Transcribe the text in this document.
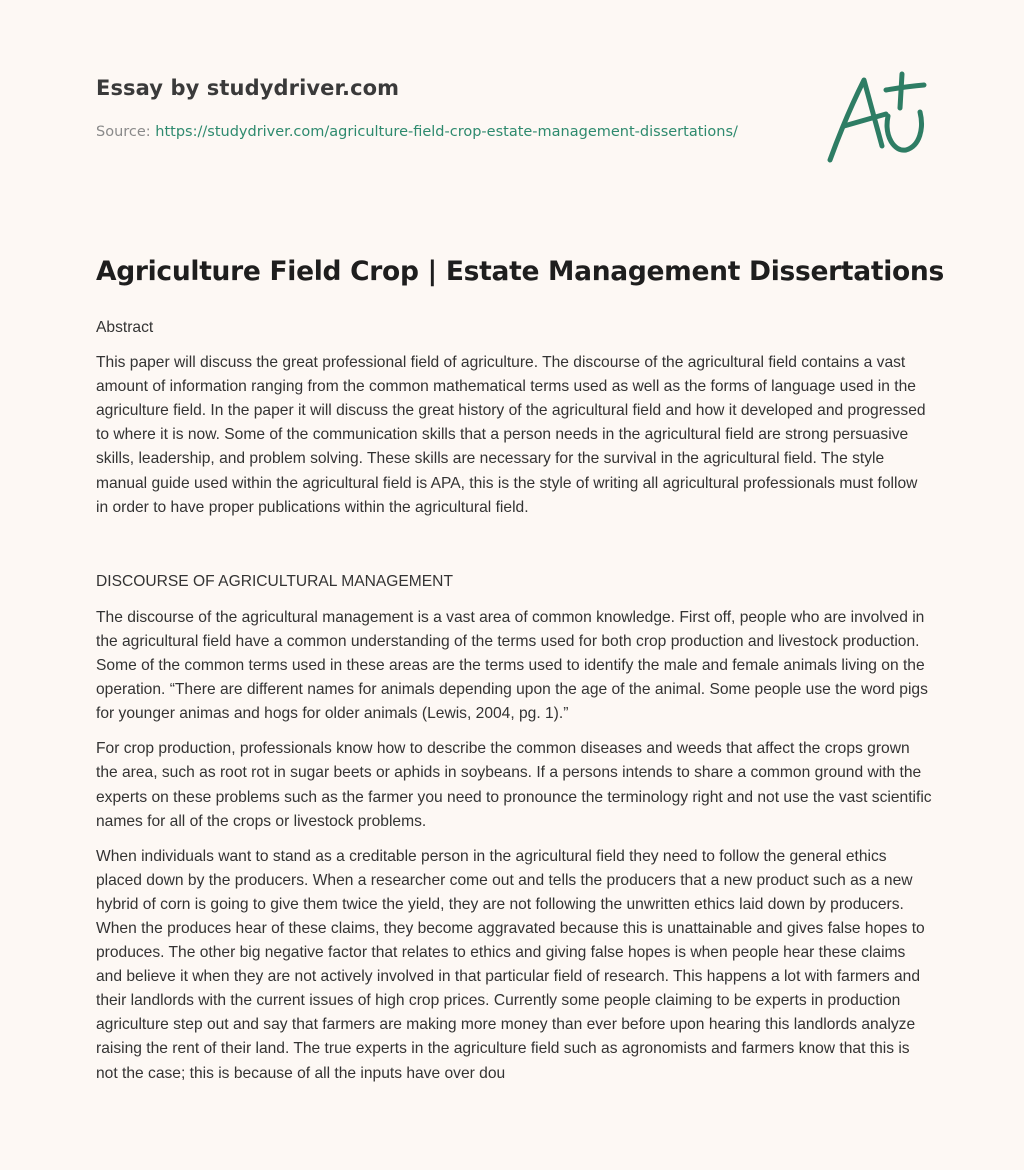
Essay by studydriver.com
Source: https://studydriver.com/agriculture-field-crop-estate-management-dissertations/
Agriculture Field Crop | Estate Management Dissertations

Abstract

This paper will discuss the great professional field of agriculture. The discourse of the agricultural field contains a vast amount of information ranging from the common mathematical terms used as well as the forms of language used in the agriculture field. In the paper it will discuss the great history of the agricultural field and how it developed and progressed to where it is now. Some of the communication skills that a person needs in the agricultural field are strong persuasive skills, leadership, and problem solving. These skills are necessary for the survival in the agricultural field. The style manual guide used within the agricultural field is APA, this is the style of writing all agricultural professionals must follow in order to have proper publications within the agricultural field.

DISCOURSE OF AGRICULTURAL MANAGEMENT

The discourse of the agricultural management is a vast area of common knowledge. First off, people who are involved in the agricultural field have a common understanding of the terms used for both crop production and livestock production. Some of the common terms used in these areas are the terms used to identify the male and female animals living on the operation. “There are different names for animals depending upon the age of the animal. Some people use the word pigs for younger animas and hogs for older animals (Lewis, 2004, pg. 1).”

For crop production, professionals know how to describe the common diseases and weeds that affect the crops grown the area, such as root rot in sugar beets or aphids in soybeans. If a persons intends to share a common ground with the experts on these problems such as the farmer you need to pronounce the terminology right and not use the vast scientific names for all of the crops or livestock problems.

When individuals want to stand as a creditable person in the agricultural field they need to follow the general ethics placed down by the producers. When a researcher come out and tells the producers that a new product such as a new hybrid of corn is going to give them twice the yield, they are not following the unwritten ethics laid down by producers. When the produces hear of these claims, they become aggravated because this is unattainable and gives false hopes to produces. The other big negative factor that relates to ethics and giving false hopes is when people hear these claims and believe it when they are not actively involved in that particular field of research. This happens a lot with farmers and their landlords with the current issues of high crop prices. Currently some people claiming to be experts in production agriculture step out and say that farmers are making more money than ever before upon hearing this landlords analyze raising the rent of their land. The true experts in the agriculture field such as agronomists and farmers know that this is not the case; this is because of all the inputs have over dou
